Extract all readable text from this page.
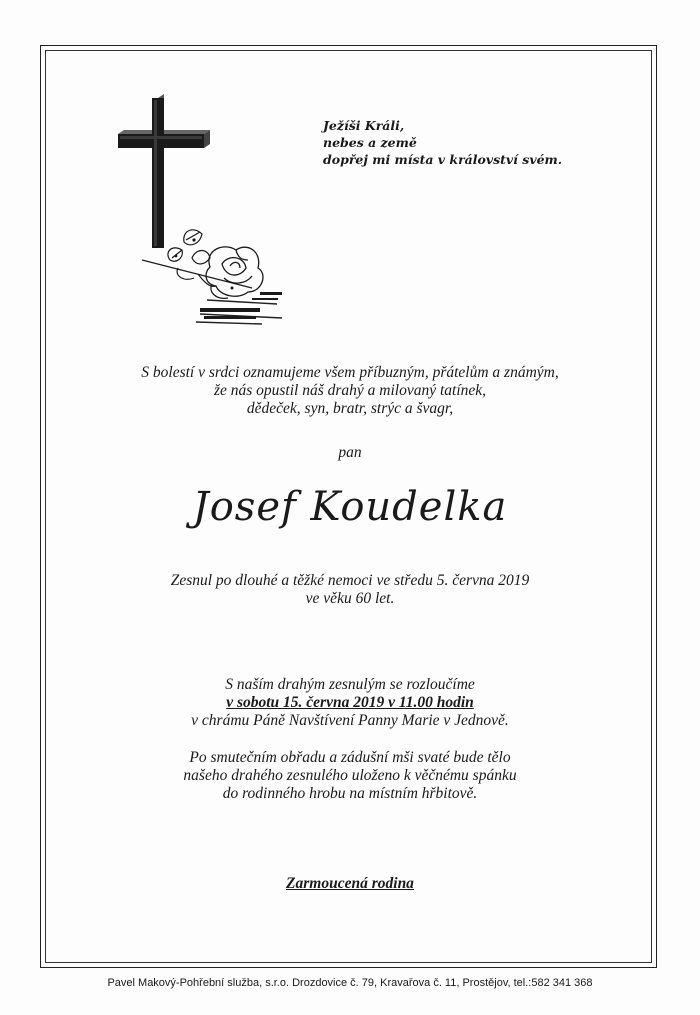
Ježíši Králi,
nebes a země
dopřej mi místa v království svém.
S bolestí v srdci oznamujeme všem příbuzným, přátelům a známým,
že nás opustil náš drahý a milovaný tatínek,
dědeček, syn, bratr, strýc a švagr,
pan
Josef Koudelka
Zesnul po dlouhé a těžké nemoci ve středu 5. června 2019
ve věku 60 let.
S naším drahým zesnulým se rozloučíme
v sobotu 15. června 2019 v 11.00 hodin
v chrámu Páně Navštívení Panny Marie v Jednově.
Po smutečním obřadu a zádušní mši svaté bude tělo
našeho drahého zesnulého uloženo k věčnému spánku
do rodinného hrobu na místním hřbitově.
Zarmoucená rodina
Pavel Makový-Pohřební služba, s.r.o. Drozdovice č. 79, Kravařova č. 11, Prostějov, tel.:582 341 368
